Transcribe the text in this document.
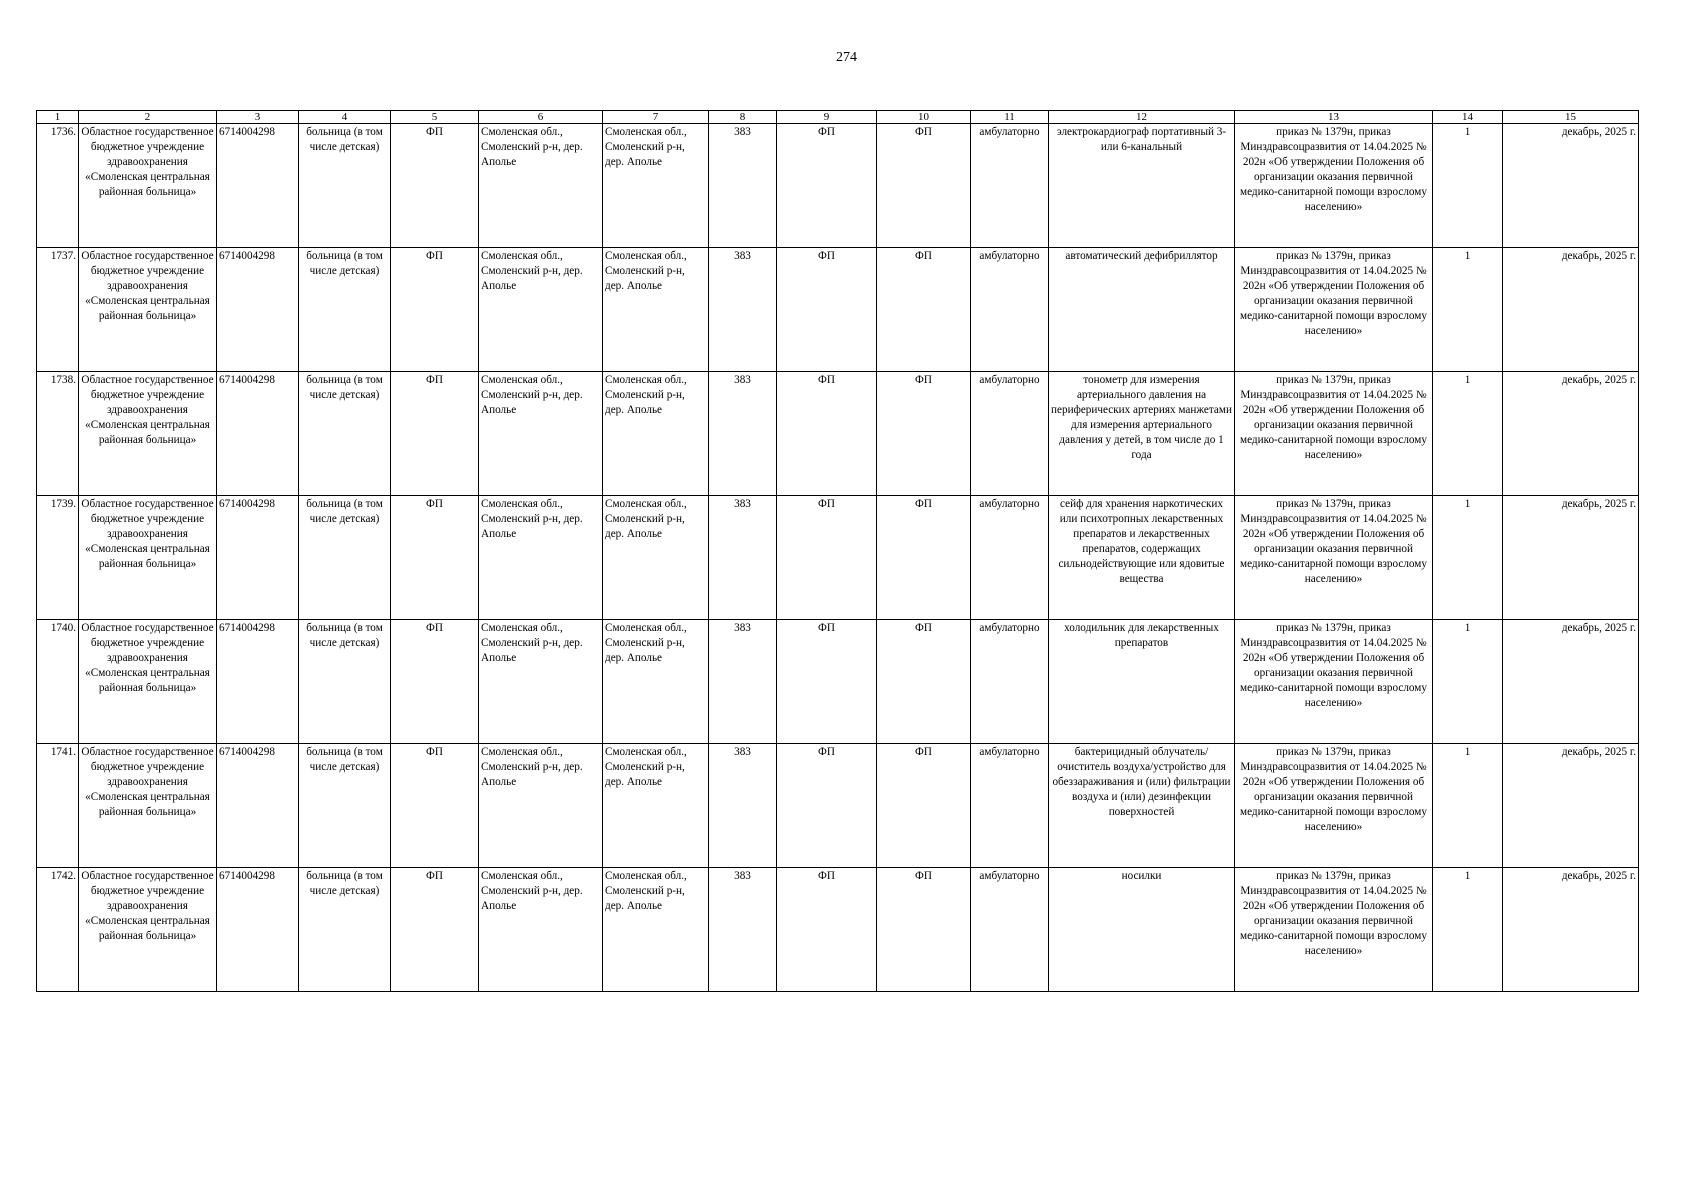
274
1	2	3	4	5	6	7	8	9	10	11	12	13	14	15
1736.	Областное государственное бюджетное учреждение здравоохранения «Смоленская центральная районная больница»	6714004298	больница (в том числе детская)	ФП	Смоленская обл., Смоленский р-н, дер. Аполье	Смоленская обл., Смоленский р-н, дер. Аполье	383	ФП	ФП	амбулаторно	электрокардиограф портативный 3- или 6-канальный	приказ № 1379н, приказ Минздравсоцразвития от 14.04.2025 № 202н «Об утверждении Положения об организации оказания первичной медико-санитарной помощи взрослому населению»	1	декабрь, 2025 г.
1737.	Областное государственное бюджетное учреждение здравоохранения «Смоленская центральная районная больница»	6714004298	больница (в том числе детская)	ФП	Смоленская обл., Смоленский р-н, дер. Аполье	Смоленская обл., Смоленский р-н, дер. Аполье	383	ФП	ФП	амбулаторно	автоматический дефибриллятор	приказ № 1379н, приказ Минздравсоцразвития от 14.04.2025 № 202н «Об утверждении Положения об организации оказания первичной медико-санитарной помощи взрослому населению»	1	декабрь, 2025 г.
1738.	Областное государственное бюджетное учреждение здравоохранения «Смоленская центральная районная больница»	6714004298	больница (в том числе детская)	ФП	Смоленская обл., Смоленский р-н, дер. Аполье	Смоленская обл., Смоленский р-н, дер. Аполье	383	ФП	ФП	амбулаторно	тонометр для измерения артериального давления на периферических артериях манжетами для измерения артериального давления у детей, в том числе до 1 года	приказ № 1379н, приказ Минздравсоцразвития от 14.04.2025 № 202н «Об утверждении Положения об организации оказания первичной медико-санитарной помощи взрослому населению»	1	декабрь, 2025 г.
1739.	Областное государственное бюджетное учреждение здравоохранения «Смоленская центральная районная больница»	6714004298	больница (в том числе детская)	ФП	Смоленская обл., Смоленский р-н, дер. Аполье	Смоленская обл., Смоленский р-н, дер. Аполье	383	ФП	ФП	амбулаторно	сейф для хранения наркотических или психотропных лекарственных препаратов и лекарственных препаратов, содержащих сильнодействующие или ядовитые вещества	приказ № 1379н, приказ Минздравсоцразвития от 14.04.2025 № 202н «Об утверждении Положения об организации оказания первичной медико-санитарной помощи взрослому населению»	1	декабрь, 2025 г.
1740.	Областное государственное бюджетное учреждение здравоохранения «Смоленская центральная районная больница»	6714004298	больница (в том числе детская)	ФП	Смоленская обл., Смоленский р-н, дер. Аполье	Смоленская обл., Смоленский р-н, дер. Аполье	383	ФП	ФП	амбулаторно	холодильник для лекарственных препаратов	приказ № 1379н, приказ Минздравсоцразвития от 14.04.2025 № 202н «Об утверждении Положения об организации оказания первичной медико-санитарной помощи взрослому населению»	1	декабрь, 2025 г.
1741.	Областное государственное бюджетное учреждение здравоохранения «Смоленская центральная районная больница»	6714004298	больница (в том числе детская)	ФП	Смоленская обл., Смоленский р-н, дер. Аполье	Смоленская обл., Смоленский р-н, дер. Аполье	383	ФП	ФП	амбулаторно	бактерицидный облучатель/очиститель воздуха/устройство для обеззараживания и (или) фильтрации воздуха и (или) дезинфекции поверхностей	приказ № 1379н, приказ Минздравсоцразвития от 14.04.2025 № 202н «Об утверждении Положения об организации оказания первичной медико-санитарной помощи взрослому населению»	1	декабрь, 2025 г.
1742.	Областное государственное бюджетное учреждение здравоохранения «Смоленская центральная районная больница»	6714004298	больница (в том числе детская)	ФП	Смоленская обл., Смоленский р-н, дер. Аполье	Смоленская обл., Смоленский р-н, дер. Аполье	383	ФП	ФП	амбулаторно	носилки	приказ № 1379н, приказ Минздравсоцразвития от 14.04.2025 № 202н «Об утверждении Положения об организации оказания первичной медико-санитарной помощи взрослому населению»	1	декабрь, 2025 г.
